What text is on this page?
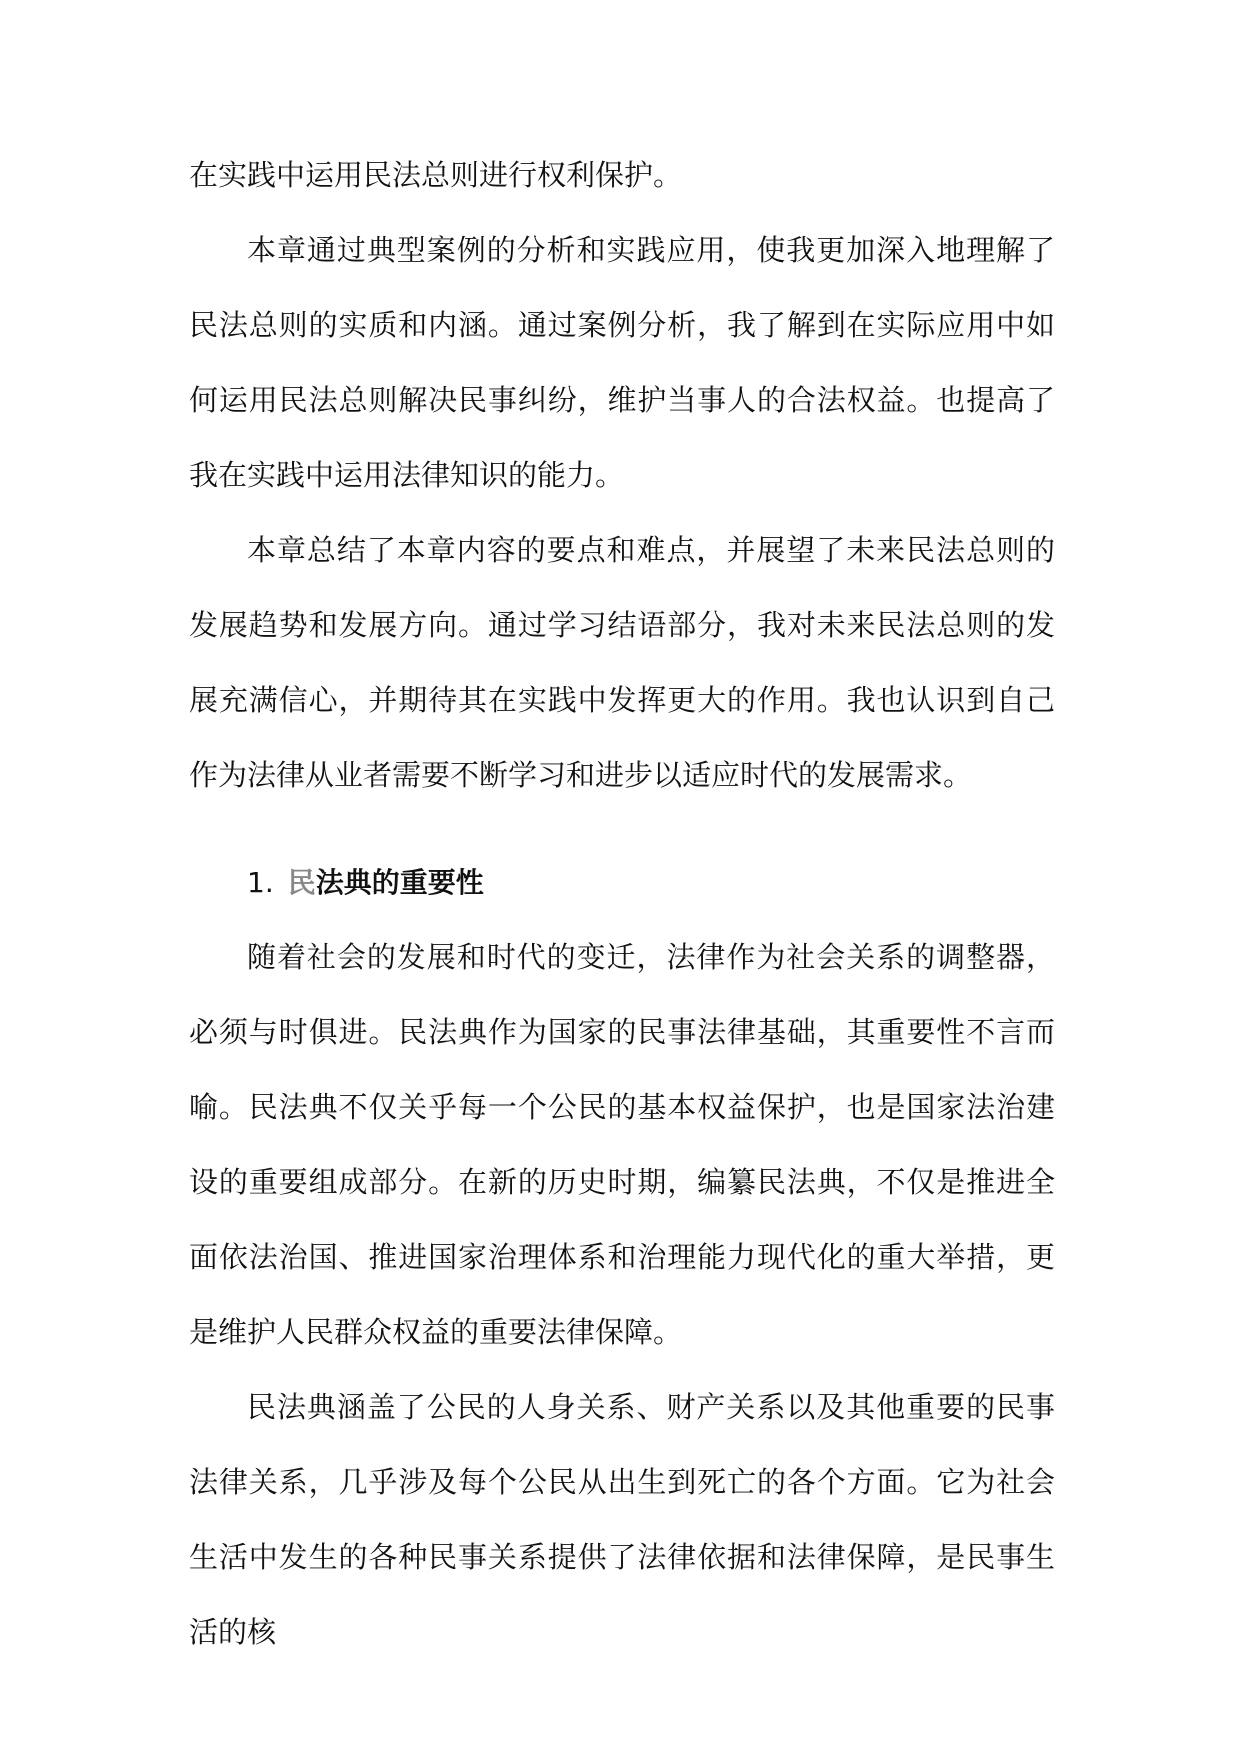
在实践中运用民法总则进行权利保护。

本章通过典型案例的分析和实践应用，使我更加深入地理解了民法总则的实质和内涵。通过案例分析，我了解到在实际应用中如何运用民法总则解决民事纠纷，维护当事人的合法权益。也提高了我在实践中运用法律知识的能力。

本章总结了本章内容的要点和难点，并展望了未来民法总则的发展趋势和发展方向。通过学习结语部分，我对未来民法总则的发展充满信心，并期待其在实践中发挥更大的作用。我也认识到自己作为法律从业者需要不断学习和进步以适应时代的发展需求。

1. 民法典的重要性

随着社会的发展和时代的变迁，法律作为社会关系的调整器，必须与时俱进。民法典作为国家的民事法律基础，其重要性不言而喻。民法典不仅关乎每一个公民的基本权益保护，也是国家法治建设的重要组成部分。在新的历史时期，编纂民法典，不仅是推进全面依法治国、推进国家治理体系和治理能力现代化的重大举措，更是维护人民群众权益的重要法律保障。

民法典涵盖了公民的人身关系、财产关系以及其他重要的民事法律关系，几乎涉及每个公民从出生到死亡的各个方面。它为社会生活中发生的各种民事关系提供了法律依据和法律保障，是民事生活的核
